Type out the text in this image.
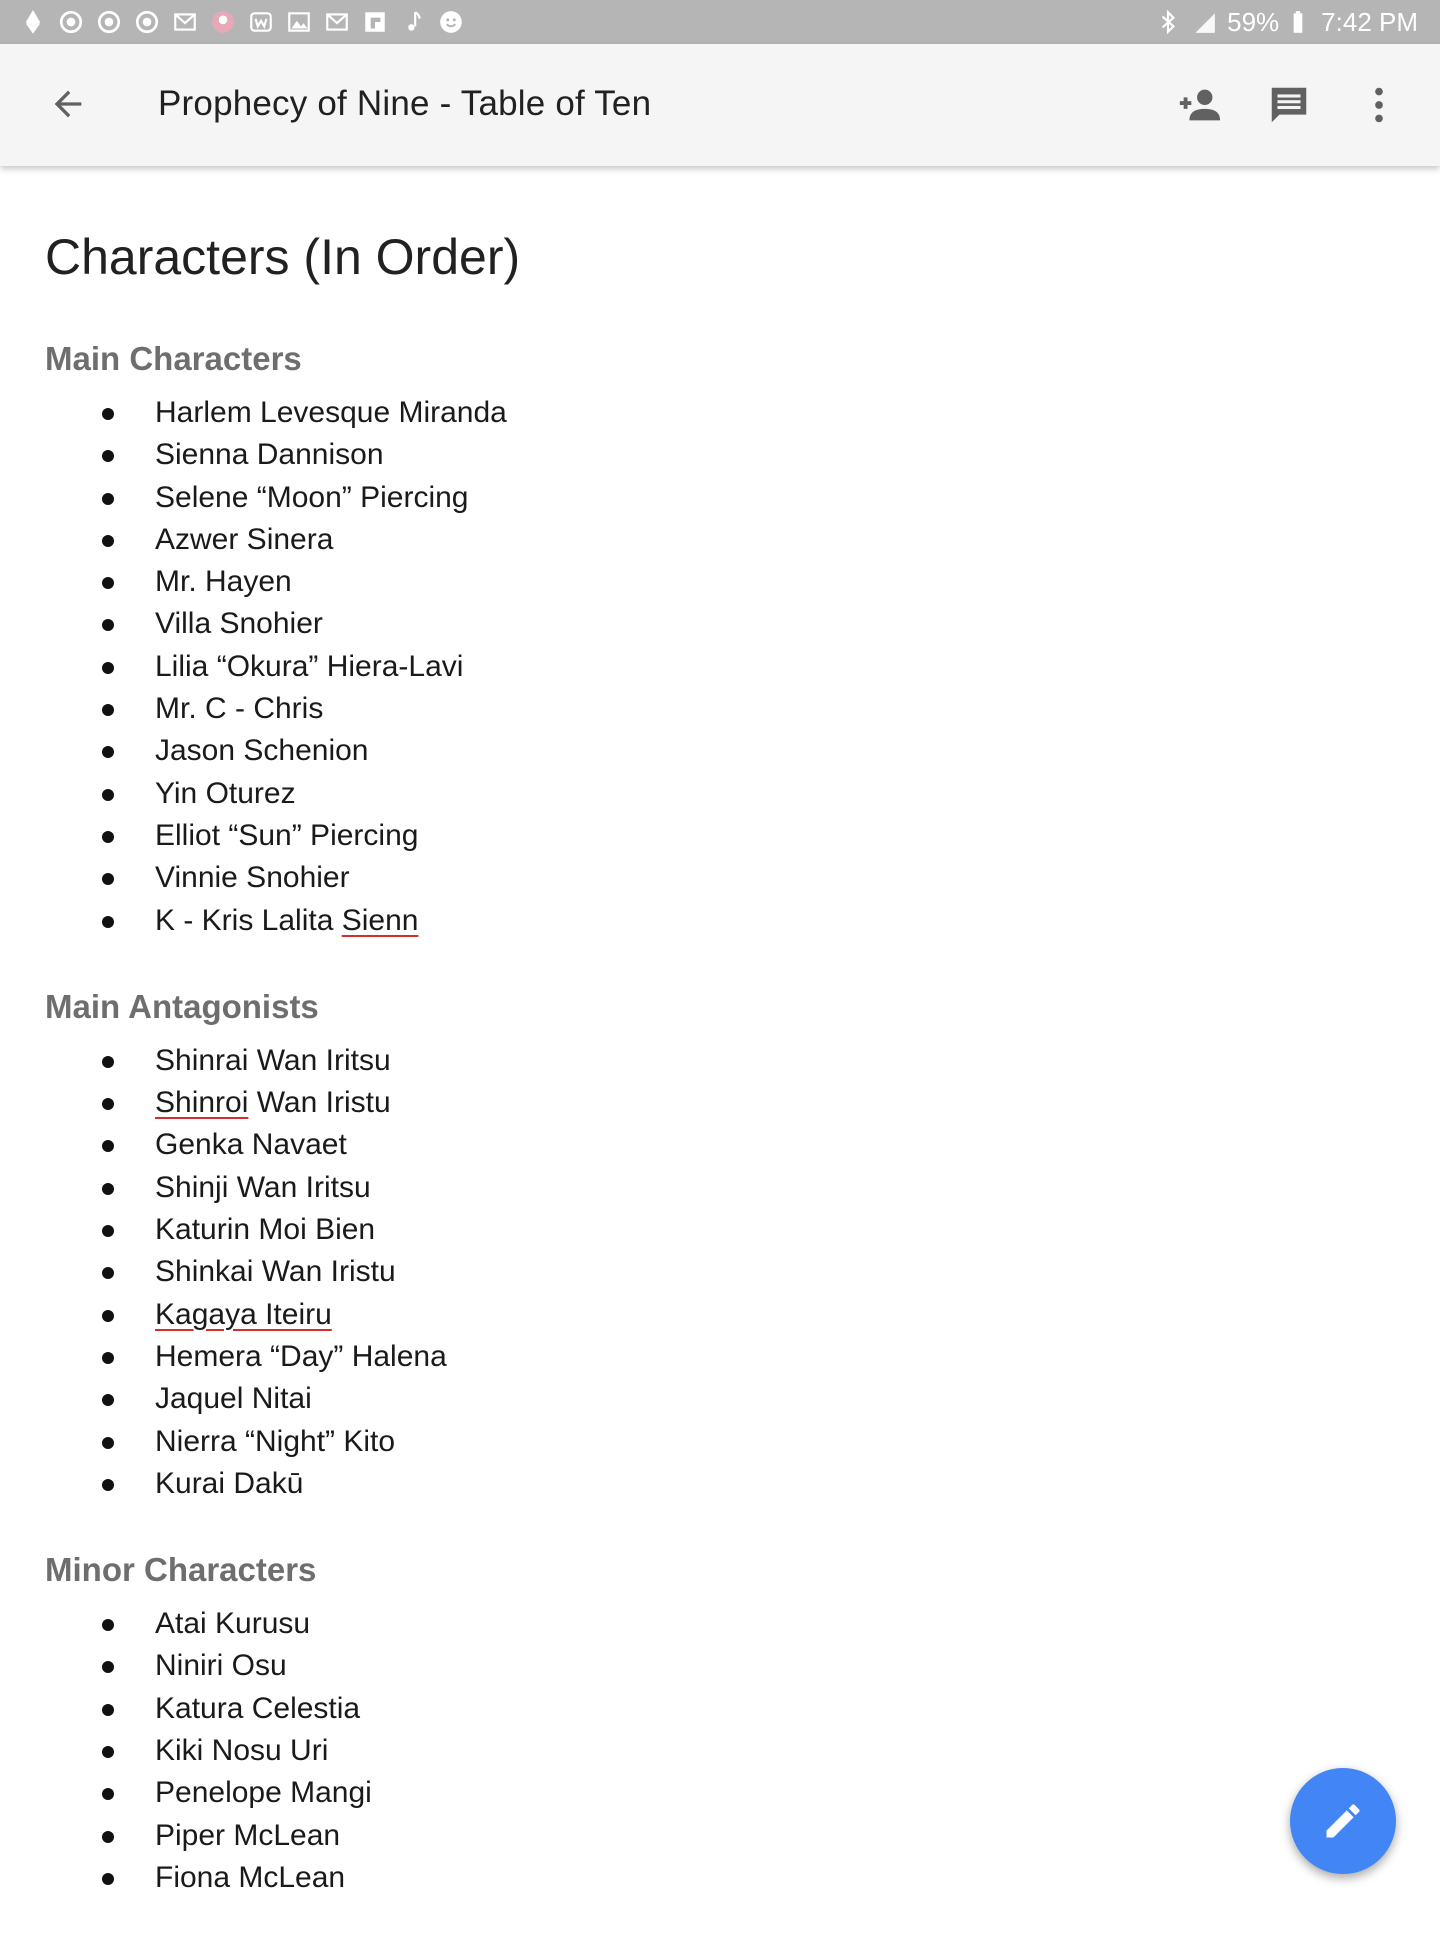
59% 7:42 PM
Prophecy of Nine - Table of Ten
Characters (In Order)
Main Characters
Harlem Levesque Miranda
Sienna Dannison
Selene “Moon” Piercing
Azwer Sinera
Mr. Hayen
Villa Snohier
Lilia “Okura” Hiera-Lavi
Mr. C - Chris
Jason Schenion
Yin Oturez
Elliot “Sun” Piercing
Vinnie Snohier
K - Kris Lalita Sienn
Main Antagonists
Shinrai Wan Iritsu
Shinroi Wan Iristu
Genka Navaet
Shinji Wan Iritsu
Katurin Moi Bien
Shinkai Wan Iristu
Kagaya Iteiru
Hemera “Day” Halena
Jaquel Nitai
Nierra “Night” Kito
Kurai Dakū
Minor Characters
Atai Kurusu
Niniri Osu
Katura Celestia
Kiki Nosu Uri
Penelope Mangi
Piper McLean
Fiona McLean
